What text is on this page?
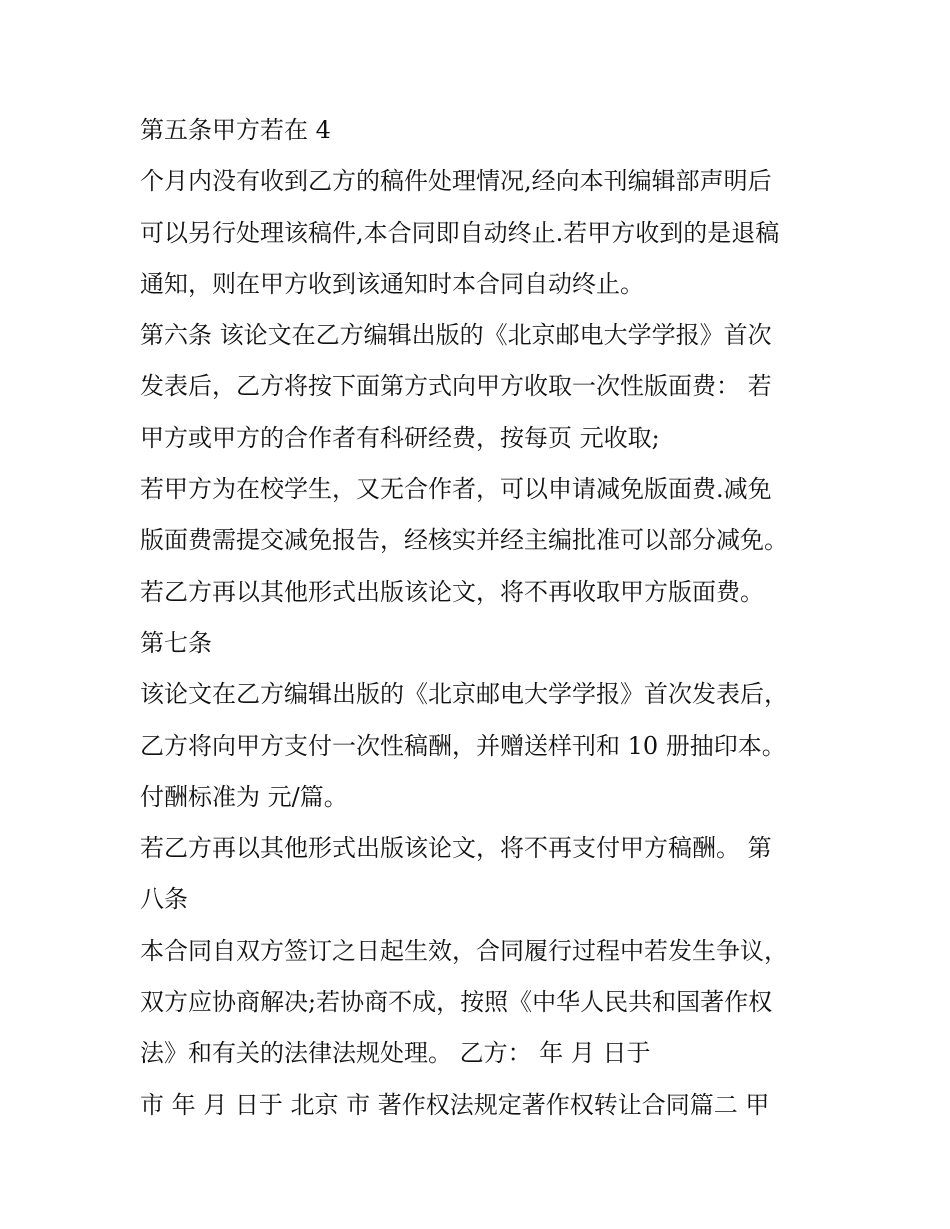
第五条甲方若在 4
个月内没有收到乙方的稿件处理情况,经向本刊编辑部声明后
可以另行处理该稿件,本合同即自动终止.若甲方收到的是退稿
通知，则在甲方收到该通知时本合同自动终止。
第六条 该论文在乙方编辑出版的《北京邮电大学学报》首次
发表后，乙方将按下面第方式向甲方收取一次性版面费： 若
甲方或甲方的合作者有科研经费，按每页 元收取;
若甲方为在校学生，又无合作者，可以申请减免版面费.减免
版面费需提交减免报告，经核实并经主编批准可以部分减免。
若乙方再以其他形式出版该论文，将不再收取甲方版面费。
第七条
该论文在乙方编辑出版的《北京邮电大学学报》首次发表后，
乙方将向甲方支付一次性稿酬，并赠送样刊和 10 册抽印本。
付酬标准为 元/篇。
若乙方再以其他形式出版该论文，将不再支付甲方稿酬。 第
八条
本合同自双方签订之日起生效，合同履行过程中若发生争议，
双方应协商解决;若协商不成，按照《中华人民共和国著作权
法》和有关的法律法规处理。 乙方： 年 月 日于
市 年 月 日于 北京 市 著作权法规定著作权转让合同篇二 甲
